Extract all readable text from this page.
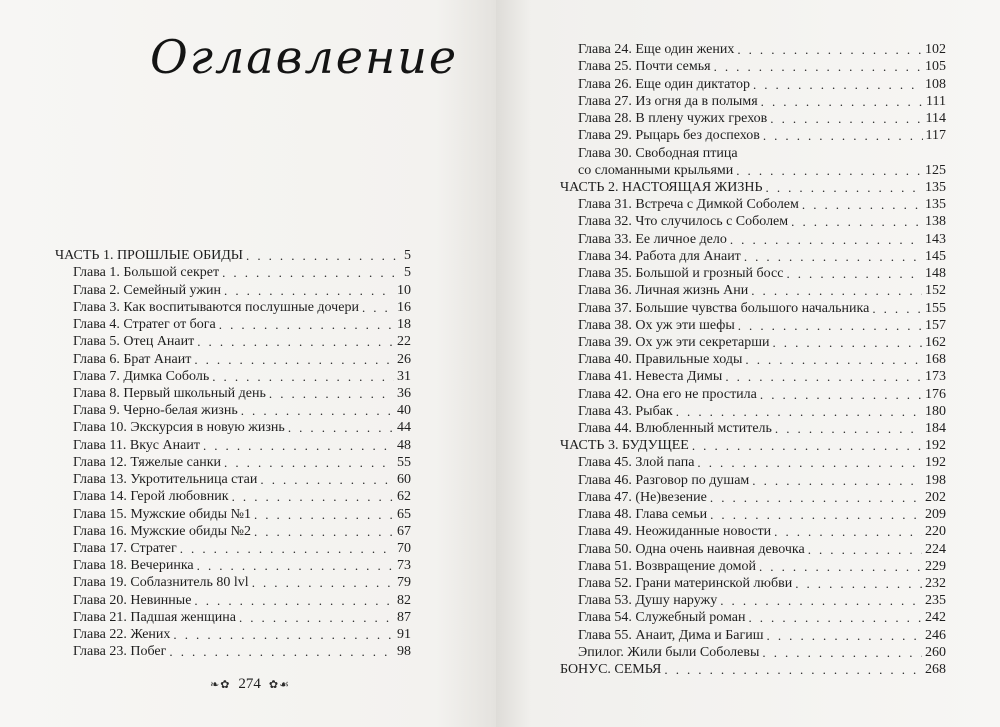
Оглавление
ЧАСТЬ 1. ПРОШЛЫЕ ОБИДЫ . . .	5
Глава 1. Большой секрет . . .	5
Глава 2. Семейный ужин . . .	10
Глава 3. Как воспитываются послушные дочери . . .	16
Глава 4. Стратег от бога . . .	18
Глава 5. Отец Анаит . . .	22
Глава 6. Брат Анаит . . .	26
Глава 7. Димка Соболь . . .	31
Глава 8. Первый школьный день . . .	36
Глава 9. Черно-белая жизнь . . .	40
Глава 10. Экскурсия в новую жизнь . . .	44
Глава 11. Вкус Анаит . . .	48
Глава 12. Тяжелые санки . . .	55
Глава 13. Укротительница стаи . . .	60
Глава 14. Герой любовник . . .	62
Глава 15. Мужские обиды №1 . . .	65
Глава 16. Мужские обиды №2 . . .	67
Глава 17. Стратег . . .	70
Глава 18. Вечеринка . . .	73
Глава 19. Соблазнитель 80 lvl . . .	79
Глава 20. Невинные . . .	82
Глава 21. Падшая женщина . . .	87
Глава 22. Жених . . .	91
Глава 23. Побег . . .	98
❧✿ 274 ✿☙
Глава 24. Еще один жених . . .	102
Глава 25. Почти семья . . .	105
Глава 26. Еще один диктатор . . .	108
Глава 27. Из огня да в полымя . . .	111
Глава 28. В плену чужих грехов . . .	114
Глава 29. Рыцарь без доспехов . . .	117
Глава 30. Свободная птица
со сломанными крыльями . . .	125
ЧАСТЬ 2. НАСТОЯЩАЯ ЖИЗНЬ . . .	135
Глава 31. Встреча с Димкой Соболем . . .	135
Глава 32. Что случилось с Соболем . . .	138
Глава 33. Ее личное дело . . .	143
Глава 34. Работа для Анаит . . .	145
Глава 35. Большой и грозный босс . . .	148
Глава 36. Личная жизнь Ани . . .	152
Глава 37. Большие чувства большого начальника . . .	155
Глава 38. Ох уж эти шефы . . .	157
Глава 39. Ох уж эти секретарши . . .	162
Глава 40. Правильные ходы . . .	168
Глава 41. Невеста Димы . . .	173
Глава 42. Она его не простила . . .	176
Глава 43. Рыбак . . .	180
Глава 44. Влюбленный мститель . . .	184
ЧАСТЬ 3. БУДУЩЕЕ . . .	192
Глава 45. Злой папа . . .	192
Глава 46. Разговор по душам . . .	198
Глава 47. (Не)везение . . .	202
Глава 48. Глава семьи . . .	209
Глава 49. Неожиданные новости . . .	220
Глава 50. Одна очень наивная девочка . . .	224
Глава 51. Возвращение домой . . .	229
Глава 52. Грани материнской любви . . .	232
Глава 53. Душу наружу . . .	235
Глава 54. Служебный роман . . .	242
Глава 55. Анаит, Дима и Багиш . . .	246
Эпилог. Жили были Соболевы . . .	260
БОНУС. СЕМЬЯ . . .	268
